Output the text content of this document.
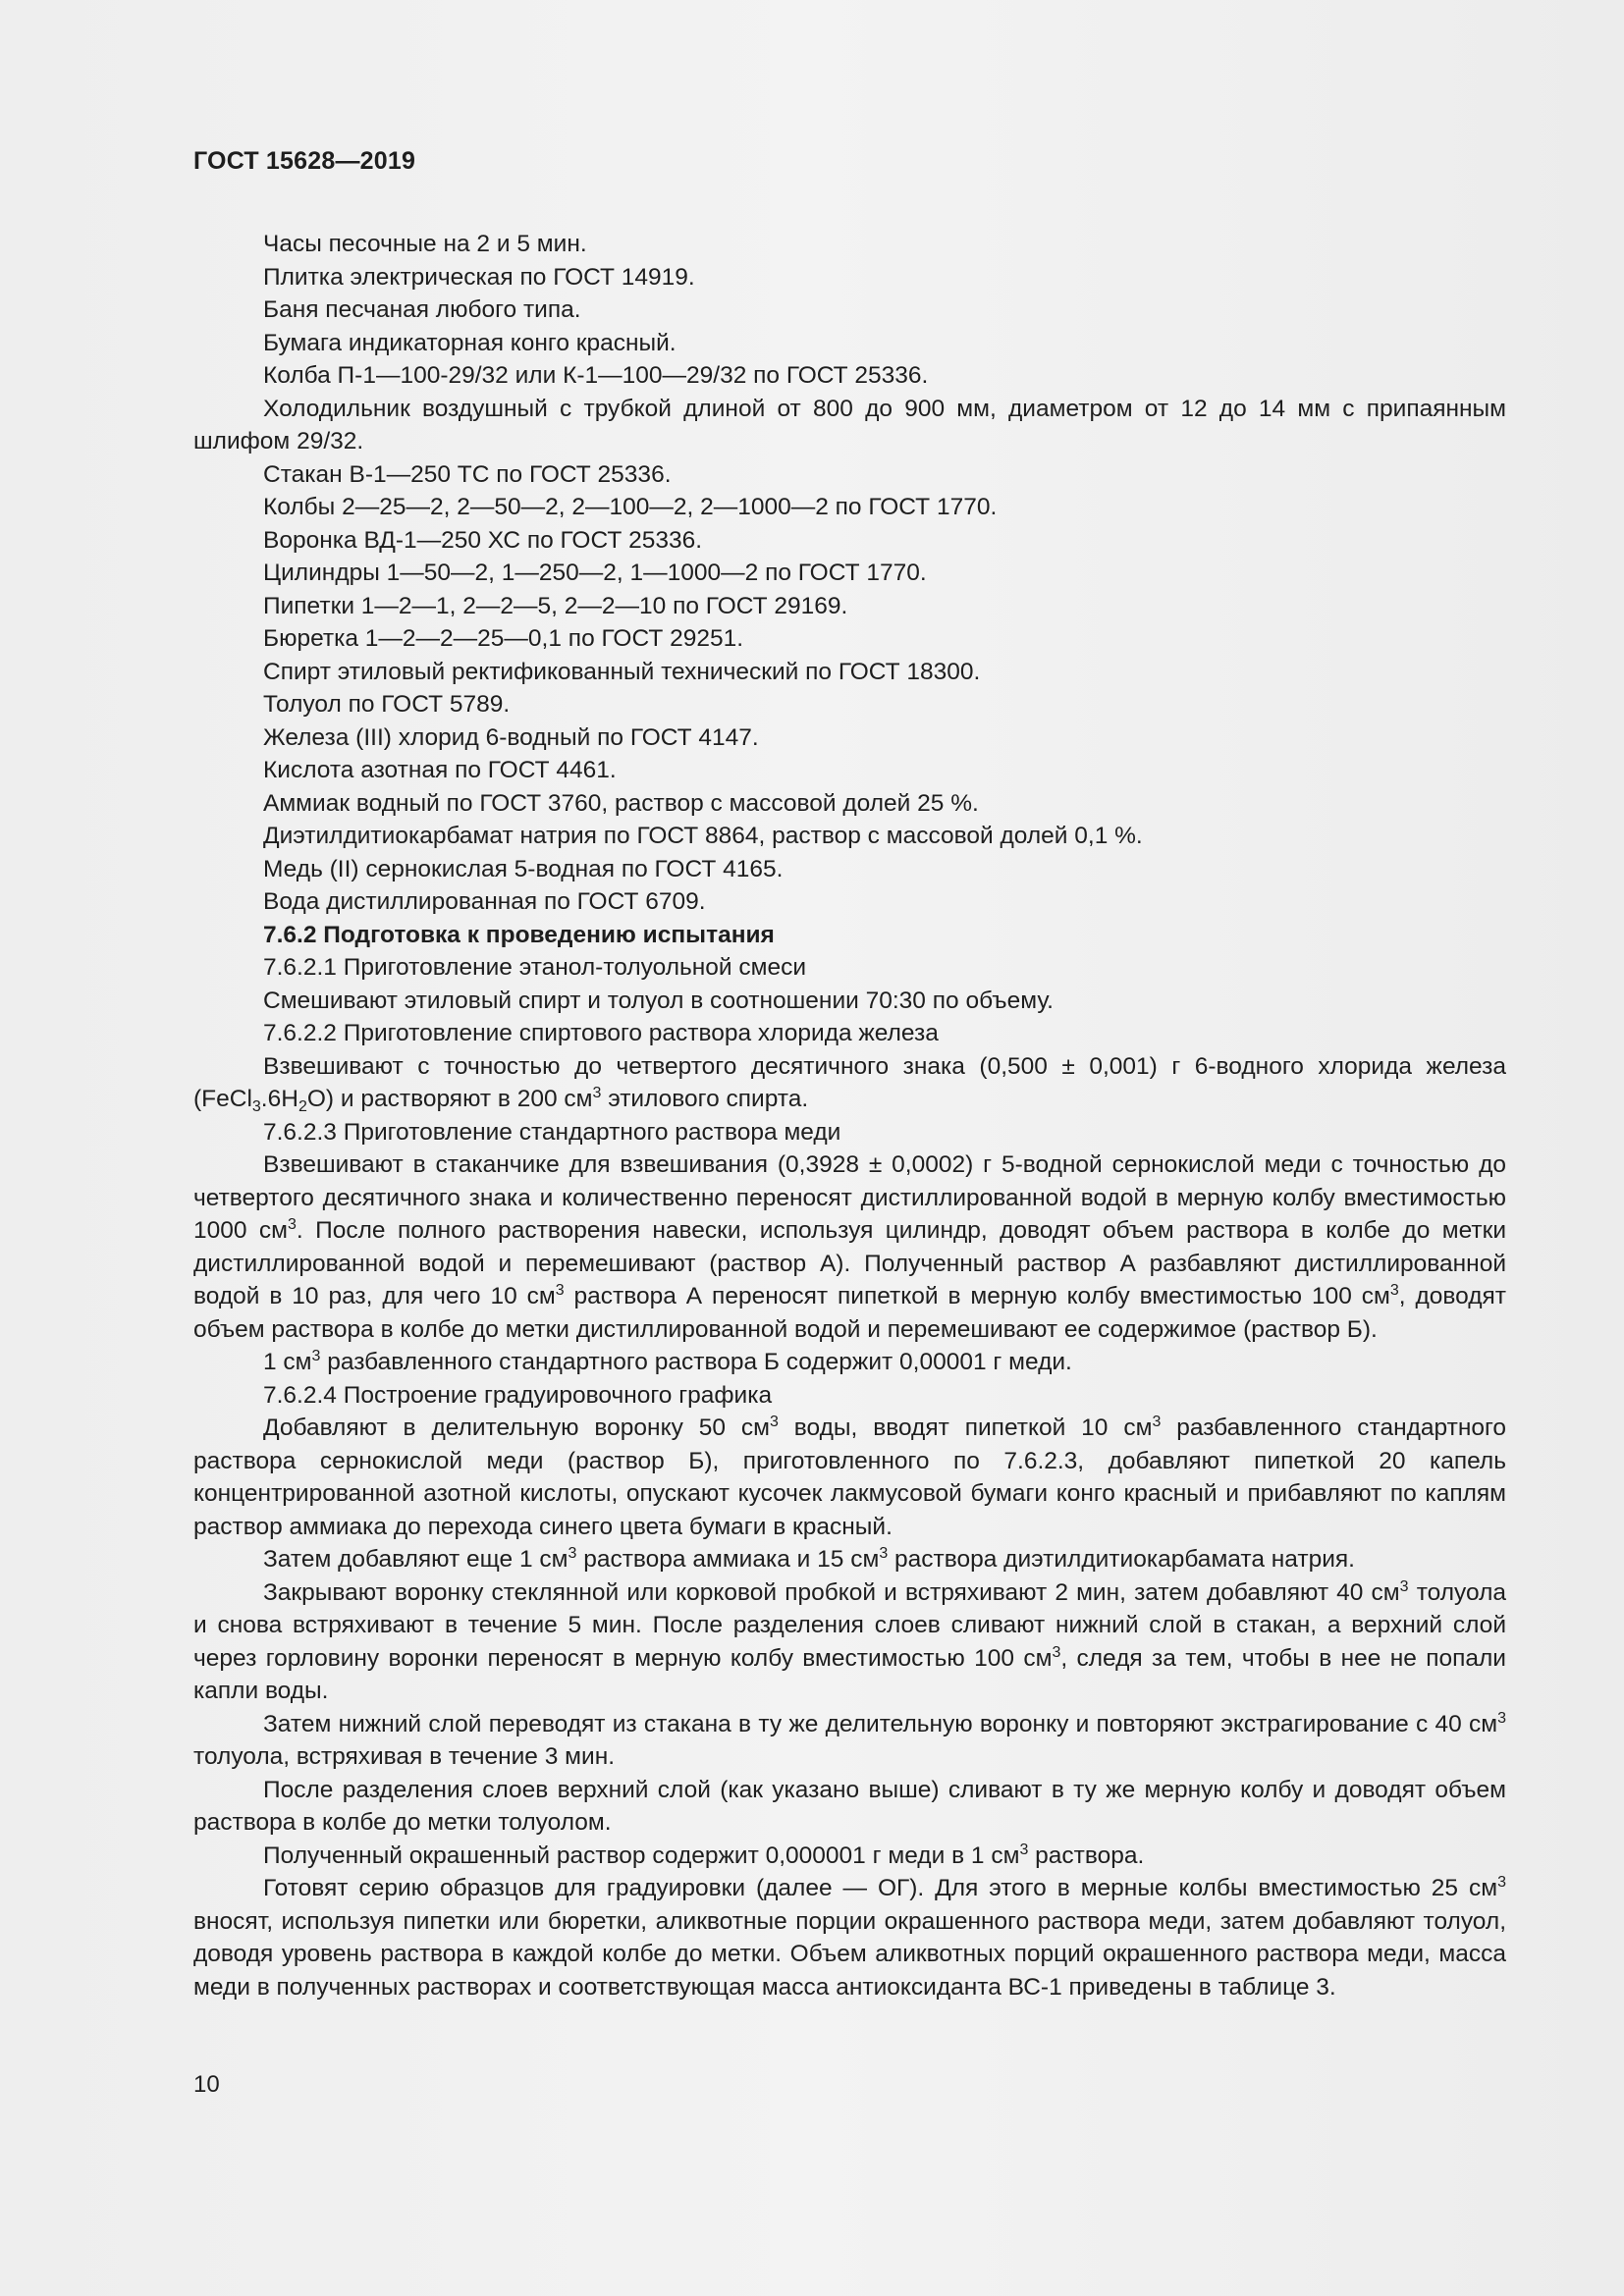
ГОСТ 15628—2019

Часы песочные на 2 и 5 мин.

Плитка электрическая по ГОСТ 14919.

Баня песчаная любого типа.

Бумага индикаторная конго красный.

Колба П-1—100-29/32 или К-1—100—29/32 по ГОСТ 25336.

Холодильник воздушный с трубкой длиной от 800 до 900 мм, диаметром от 12 до 14 мм с припаянным шлифом 29/32.

Стакан В-1—250 ТС по ГОСТ 25336.

Колбы 2—25—2, 2—50—2, 2—100—2, 2—1000—2 по ГОСТ 1770.

Воронка ВД-1—250 ХС по ГОСТ 25336.

Цилиндры 1—50—2, 1—250—2, 1—1000—2 по ГОСТ 1770.

Пипетки 1—2—1, 2—2—5, 2—2—10 по ГОСТ 29169.

Бюретка 1—2—2—25—0,1 по ГОСТ 29251.

Спирт этиловый ректификованный технический по ГОСТ 18300.

Толуол по ГОСТ 5789.

Железа (III) хлорид 6-водный по ГОСТ 4147.

Кислота азотная по ГОСТ 4461.

Аммиак водный по ГОСТ 3760, раствор с массовой долей 25 %.

Диэтилдитиокарбамат натрия по ГОСТ 8864, раствор с массовой долей 0,1 %.

Медь (II) сернокислая 5-водная по ГОСТ 4165.

Вода дистиллированная по ГОСТ 6709.

7.6.2 Подготовка к проведению испытания

7.6.2.1 Приготовление этанол-толуольной смеси

Смешивают этиловый спирт и толуол в соотношении 70:30 по объему.

7.6.2.2 Приготовление спиртового раствора хлорида железа

Взвешивают с точностью до четвертого десятичного знака (0,500 ± 0,001) г 6-водного хлорида железа $(FeCl_3.6H_2O)$ и растворяют в 200 $см^3$ этилового спирта.

7.6.2.3 Приготовление стандартного раствора меди

Взвешивают в стаканчике для взвешивания (0,3928 ± 0,0002) г 5-водной сернокислой меди с точностью до четвертого десятичного знака и количественно переносят дистиллированной водой в мерную колбу вместимостью 1000 $см^3$. После полного растворения навески, используя цилиндр, доводят объем раствора в колбе до метки дистиллированной водой и перемешивают (раствор А). Полученный раствор А разбавляют дистиллированной водой в 10 раз, для чего 10 $см^3$ раствора А переносят пипеткой в мерную колбу вместимостью 100 $см^3$, доводят объем раствора в колбе до метки дистиллированной водой и перемешивают ее содержимое (раствор Б).

1 $см^3$ разбавленного стандартного раствора Б содержит 0,00001 г меди.

7.6.2.4 Построение градуировочного графика

Добавляют в делительную воронку 50 $см^3$ воды, вводят пипеткой 10 $см^3$ разбавленного стандартного раствора сернокислой меди (раствор Б), приготовленного по 7.6.2.3, добавляют пипеткой 20 капель концентрированной азотной кислоты, опускают кусочек лакмусовой бумаги конго красный и прибавляют по каплям раствор аммиака до перехода синего цвета бумаги в красный.

Затем добавляют еще 1 $см^3$ раствора аммиака и 15 $см^3$ раствора диэтилдитиокарбамата натрия.

Закрывают воронку стеклянной или корковой пробкой и встряхивают 2 мин, затем добавляют 40 $см^3$ толуола и снова встряхивают в течение 5 мин. После разделения слоев сливают нижний слой в стакан, а верхний слой через горловину воронки переносят в мерную колбу вместимостью 100 $см^3$, следя за тем, чтобы в нее не попали капли воды.

Затем нижний слой переводят из стакана в ту же делительную воронку и повторяют экстрагирование с 40 $см^3$ толуола, встряхивая в течение 3 мин.

После разделения слоев верхний слой (как указано выше) сливают в ту же мерную колбу и доводят объем раствора в колбе до метки толуолом.

Полученный окрашенный раствор содержит 0,000001 г меди в 1 $см^3$ раствора.

Готовят серию образцов для градуировки (далее — ОГ). Для этого в мерные колбы вместимостью 25 $см^3$ вносят, используя пипетки или бюретки, аликвотные порции окрашенного раствора меди, затем добавляют толуол, доводя уровень раствора в каждой колбе до метки. Объем аликвотных порций окрашенного раствора меди, масса меди в полученных растворах и соответствующая масса антиоксиданта ВС-1 приведены в таблице 3.

10
